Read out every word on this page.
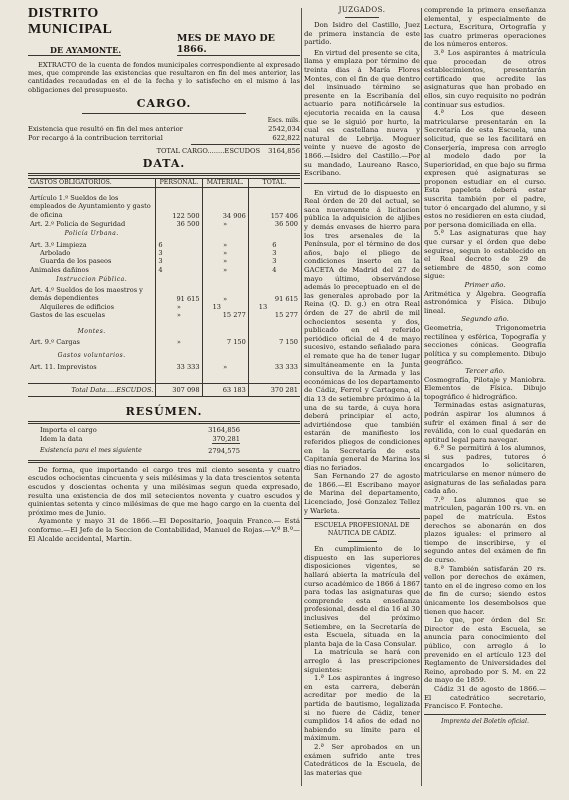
DISTRITO MUNICIPAL
DE AYAMONTE.
MES DE MAYO DE 1866.
EXTRACTO de la cuenta de fondos municipales correspondiente al expresado mes, que comprende las existencias que resultaron en fin del mes anterior, las cantidades recaudadas en el de la fecha y lo satisfecho en el mismo á las obligaciones del presupuesto.
CARGO.
Escs. mils.
Existencia que resultó en fin del mes anterior	2542,034
Por recargo á la contribucion territorial	622,822
TOTAL CARGO........ESCUDOS 3164,856
DATA.
GASTOS OBLIGATORIOS.	PERSONAL.	MATERIAL.	TOTAL.

Artículo 1.º Sueldos de los empleados de Ayuntamiento y gasto de oficina	122 500	34 906	157 406
Art. 2.º Policía de Seguridad	36 500	»	36 500
Policía Urbana.			
Art. 3.º Limpieza	6	»	6
Arbolado	3	»	3
Guarda de los paseos	3	»	3
Animales dañinos	4	»	4
Instruccion Pública.			
Art. 4.º Sueldos de los maestros y demás dependientes	91 615	»	91 615
Alquileres de edificios	»	13	13
Gastos de las escuelas	»	15 277	15 277
Montes.			
Art. 9.º Cargas	»	7 150	7 150
Gastos voluntarios.			
Art. 11. Imprevistos	33 333	»	33 333

Total Data.....ESCUDOS.	307 098	63 183	370 281
RESÚMEN.
Importa el cargo	3164,856
Idem la data	370,281
Existencia para el mes siguiente	2794,575
De forma, que importando el cargo tres mil ciento sesenta y cuatro escudos ochocientas cincuenta y seis milésimas y la data trescientos setenta escudos y doscientas ochenta y una milésimas segun queda expresado, resulta una existencia de dos mil setecientos noventa y cuatro escudos y quinientas setenta y cinco milésimas de que me hago cargo en la cuenta del próximo mes de Junio.
Ayamonte y mayo 31 de 1866.—El Depositario, Joaquin Franco.— Está conforme.—El Jefe de la Seccion de Contabilidad, Manuel de Rojas.—V.º B.º—El Alcalde accidental, Martin.
JUZGADOS.
Don Isidro del Castillo, Juez de primera instancia de este partido.
En virtud del presente se cita, llama y emplaza por término de treinta dias á María Flores Montes, con el fin de que dentro del insinuado término se presente en la Escribanía del actuario para notificársele la ejecutoria recaida en la causa que se le siguió por hurto, la cual es castellana nueva y natural de Lebrija. Moguer veinte y nueve de agosto de 1866.—Isidro del Castillo.—Por su mandado, Laureano Rasco, Escribano.
En virtud de lo dispuesto en Real órden de 20 del actual, se saca nuevamente á licitacion pública la adquisicion de aljibes y demás envases de hierro para los tres arsenales de la Península, por el término de dos años, bajo el pliego de condiciones inserto en la GACETA de Madrid del 27 de mayo último, observándose además lo preceptuado en el de las generales aprobado por la Reina (Q. D. g.) en otra Real órden de 27 de abril de mil ochocientos sesenta y dos, publicado en el referido periódico oficial de 4 de mayo sucesivo, estando señalado para el remate que ha de tener lugar simultáneamente en la Junta consultiva de la Armada y las económicas de los departamento de Cádiz, Ferrol y Cartagena, el dia 13 de setiembre próximo á la una de su tarde, á cuya hora deberá principiar el acto, advirtiéndose que también estarán de manifiesto los referidos pliegos de condiciones en la Secretaría de esta Capitanía general de Marina los dias no feriados.
San Fernando 27 de agosto de 1866.—El Escribano mayor de Marina del departamento, Licenciado, José Gonzalez Tellez y Warleta.
ESCUELA PROFESIONAL DE NÁUTICA DE CÁDIZ.
En cumplimiento de lo dispuesto en las superiores disposiciones vigentes, se hallará abierta la matrícula del curso académico de 1866 á 1867 para todas las asignaturas que comprende esta enseñanza profesional, desde el dia 16 al 30 inclusives del próximo Setiembre, en la Secretaría de esta Escuela, situada en la planta baja de la Casa Consular.
La matrícula se hará con arreglo á las prescripciones siguientes:
1.ª Los aspirantes á ingreso en esta carrera, deberán acreditar por medio de la partida de bautismo, legalizada si no fuere de Cádiz, tener cumplidos 14 años de edad no habiendo su límite para el máximum.
2.ª Ser aprobados en un exámen sufrido ante tres Catedráticos de la Escuela, de las materias que
comprende la primera enseñanza elemental, y especialmente de Lectura, Escritura, Ortografía y las cuatro primeras operaciones de los números enteros.
3.ª Los aspirantes á matrícula que procedan de otros establecimientos, presentarán certificado que acredite las asignaturas que han probado en ellos, sin cuyo requisito no podrán continuar sus estudios.
4.ª Los que deseen matricularse presentarán en la Secretaría de esta Escuela, una solicitud, que se les facilitará en Conserjería, impresa con arreglo al modelo dado por la Superioridad, en que bajo su firma expresen qué asignaturas se proponen estudiar en el curso. Esta papeleta deberá estar suscrita también por el padre, tutor ó encargado del alumno, y si estos no residieren en esta ciudad, por persona domiciliada en ella.
5.ª Las asignaturas que hay que cursar y el órden que debe seguirse, segun lo establecido en el Real decreto de 29 de setiembre de 4850, son como sigue:
Primer año.
Aritmética y Álgebra. Geografía astronómica y Física. Dibujo lineal.
Segundo año.
Geometria, Trigonometria rectilínea y esférica, Topografía y secciones cónicas. Geografía política y su complemento. Dibujo geográfico.
Tercer año.
Cosmografía, Pilotaje y Maniobra. Elementos de Física. Dibujo topográfico é hidrográfico.
Terminadas estas asignaturas, podrán aspirar los alumnos á sufrir el exámen final á ser de reválida, con lo cual quedarán en aptitud legal para navegar.
6.ª Se permitirá á los alumnos, si sus padres, tutores ó encargados lo solicitaren, matricularse en menor número de asignaturas de las señaladas para cada año.
7.ª Los alumnos que se matriculen, pagarán 100 rs. vn. en papel de matrícula. Estos derechos se abonarán en dos plazos iguales: el primero al tiempo de inscribirse, y el segundo antes del exámen de fin de curso.
8.ª También satisfarán 20 rs. vellon por derechos de exámen, tanto en el de ingreso como en los de fin de curso; siendo estos únicamente los desembolsos que tienen que hacer.
Lo que, por órden del Sr. Director de esta Escuela, se anuncia para conocimiento del público, con arreglo á lo prevenido en el artículo 123 del Reglamento de Universidades del Reino, aprobado por S. M. en 22 de mayo de 1859.
Cádiz 31 de agosto de 1866.— El catedrático secretario, Francisco F. Fonteche.
Imprenta del Boletín oficial.
